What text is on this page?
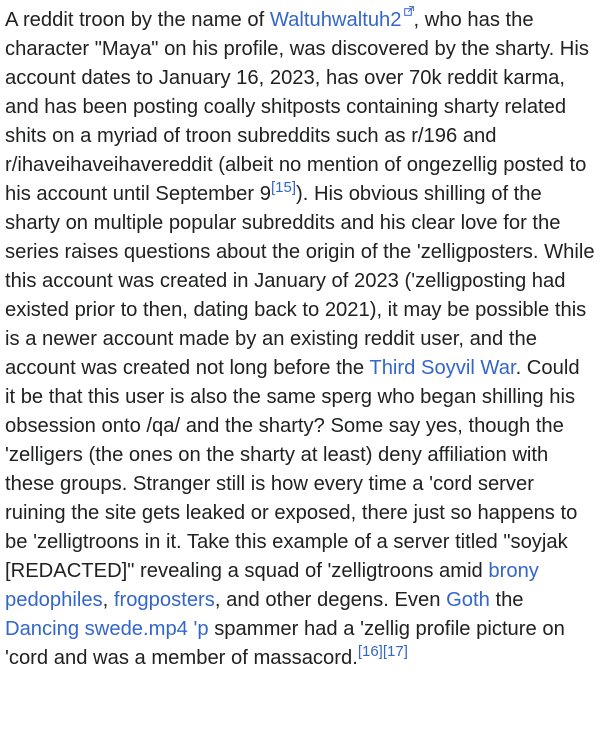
A reddit troon by the name of Waltuhwaltuh2 , who has the character "Maya" on his profile, was discovered by the sharty. His account dates to January 16, 2023, has over 70k reddit karma, and has been posting coally shitposts containing sharty related shits on a myriad of troon subreddits such as r/196 and r/ihaveihaveihavereddit (albeit no mention of ongezellig posted to his account until September 9[15]). His obvious shilling of the sharty on multiple popular subreddits and his clear love for the series raises questions about the origin of the 'zelligposters. While this account was created in January of 2023 ('zelligposting had existed prior to then, dating back to 2021), it may be possible this is a newer account made by an existing reddit user, and the account was created not long before the Third Soyvil War. Could it be that this user is also the same sperg who began shilling his obsession onto /qa/ and the sharty? Some say yes, though the 'zelligers (the ones on the sharty at least) deny affiliation with these groups. Stranger still is how every time a 'cord server ruining the site gets leaked or exposed, there just so happens to be 'zelligtroons in it. Take this example of a server titled "soyjak [REDACTED]" revealing a squad of 'zelligtroons amid brony pedophiles, frogposters, and other degens. Even Goth the Dancing swede.mp4 'p spammer had a 'zellig profile picture on 'cord and was a member of massacord.[16][17]
